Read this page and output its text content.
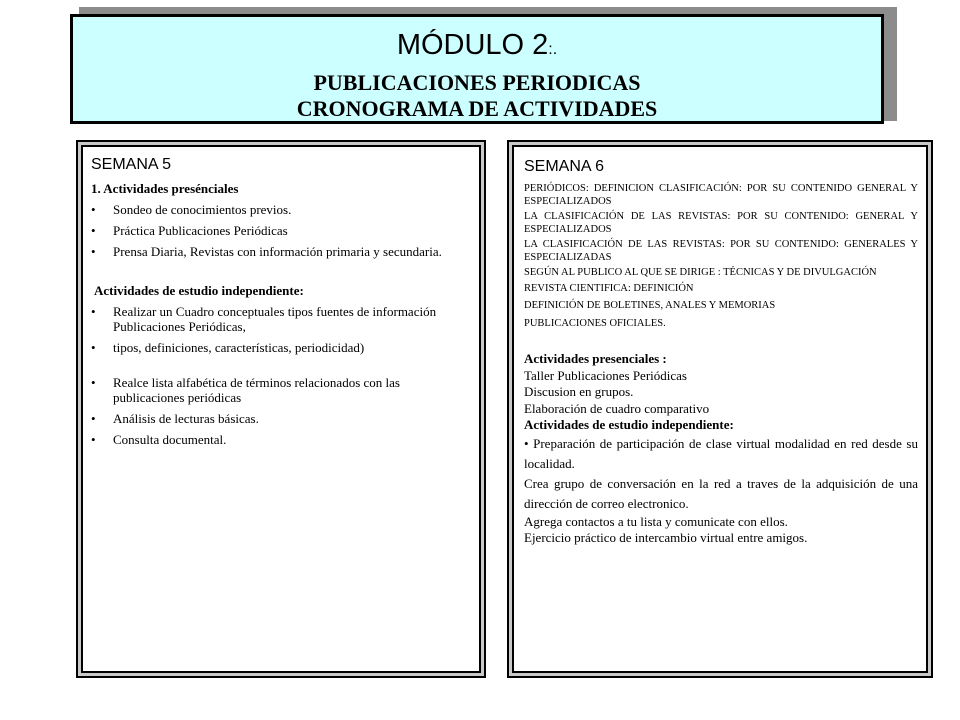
MÓDULO 2:.
PUBLICACIONES PERIODICAS
CRONOGRAMA DE ACTIVIDADES
SEMANA 5
1. Actividades presénciales
• Sondeo de conocimientos previos.
• Práctica Publicaciones Periódicas
• Prensa Diaria, Revistas con información primaria y secundaria.
Actividades de estudio independiente:
• Realizar un Cuadro conceptuales tipos fuentes de información Publicaciones Periódicas,
• tipos, definiciones, características, periodicidad)
• Realce lista alfabética de términos relacionados con las publicaciones periódicas
• Análisis de lecturas básicas.
• Consulta documental.
SEMANA 6
PERIÓDICOS: DEFINICION CLASIFICACIÓN: POR SU CONTENIDO GENERAL Y ESPECIALIZADOS
LA CLASIFICACIÓN DE LAS REVISTAS: POR SU CONTENIDO: GENERAL Y ESPECIALIZADOS
LA CLASIFICACIÓN DE LAS REVISTAS: POR SU CONTENIDO: GENERALES Y ESPECIALIZADAS
SEGÚN AL PUBLICO AL QUE SE DIRIGE : TÉCNICAS Y DE DIVULGACIÓN
REVISTA CIENTIFICA: DEFINICIÓN
DEFINICIÓN DE BOLETINES, ANALES Y MEMORIAS
PUBLICACIONES OFICIALES.
Actividades presenciales :
Taller Publicaciones Periódicas
Discusion en grupos.
Elaboración de cuadro comparativo
Actividades de estudio independiente:
• Preparación de participación de clase virtual modalidad en red desde su localidad.
Crea grupo de conversación en la red a traves de la adquisición de una dirección de correo electronico.
Agrega contactos a tu lista y comunicate con ellos.
Ejercicio práctico de intercambio virtual entre amigos.
